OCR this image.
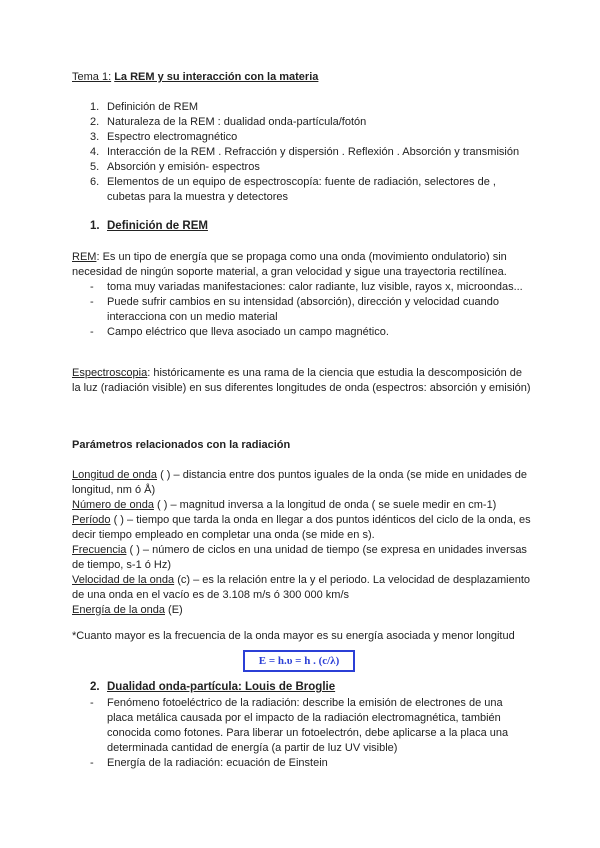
Tema 1: La REM y su interacción con la materia
1. Definición de REM
2. Naturaleza de la REM : dualidad onda-partícula/fotón
3. Espectro electromagnético
4. Interacción de la REM . Refracción y dispersión . Reflexión . Absorción y transmisión
5. Absorción y emisión- espectros
6. Elementos de un equipo de espectroscopía: fuente de radiación, selectores de , cubetas para la muestra y detectores
1. Definición de REM
REM: Es un tipo de energía que se propaga como una onda (movimiento ondulatorio) sin necesidad de ningún soporte material, a gran velocidad y sigue una trayectoria rectilínea.
- toma muy variadas manifestaciones: calor radiante, luz visible, rayos x, microondas...
- Puede sufrir cambios en su intensidad (absorción), dirección y velocidad cuando interacciona con un medio material
- Campo eléctrico que lleva asociado un campo magnético.
Espectroscopia: históricamente es una rama de la ciencia que estudia la descomposición de la luz (radiación visible) en sus diferentes longitudes de onda (espectros: absorción y emisión)
Parámetros relacionados con la radiación
Longitud de onda ( ) – distancia entre dos puntos iguales de la onda (se mide en unidades de longitud, nm ó Å)
Número de onda ( ) – magnitud inversa a la longitud de onda ( se suele medir en cm-1)
Período ( ) – tiempo que tarda la onda en llegar a dos puntos idénticos del ciclo de la onda, es decir tiempo empleado en completar una onda (se mide en s).
Frecuencia ( ) – número de ciclos en una unidad de tiempo (se expresa en unidades inversas de tiempo, s-1 ó Hz)
Velocidad de la onda (c) – es la relación entre la y el periodo. La velocidad de desplazamiento de una onda en el vacío es de 3.108 m/s ó 300 000 km/s
Energía de la onda (E)
*Cuanto mayor es la frecuencia de la onda mayor es su energía asociada y menor longitud
E = h.υ = h . (c/λ)
2. Dualidad onda-partícula: Louis de Broglie
- Fenómeno fotoeléctrico de la radiación: describe la emisión de electrones de una placa metálica causada por el impacto de la radiación electromagnética, también conocida como fotones. Para liberar un fotoelectrón, debe aplicarse a la placa una determinada cantidad de energía (a partir de luz UV visible)
- Energía de la radiación: ecuación de Einstein
